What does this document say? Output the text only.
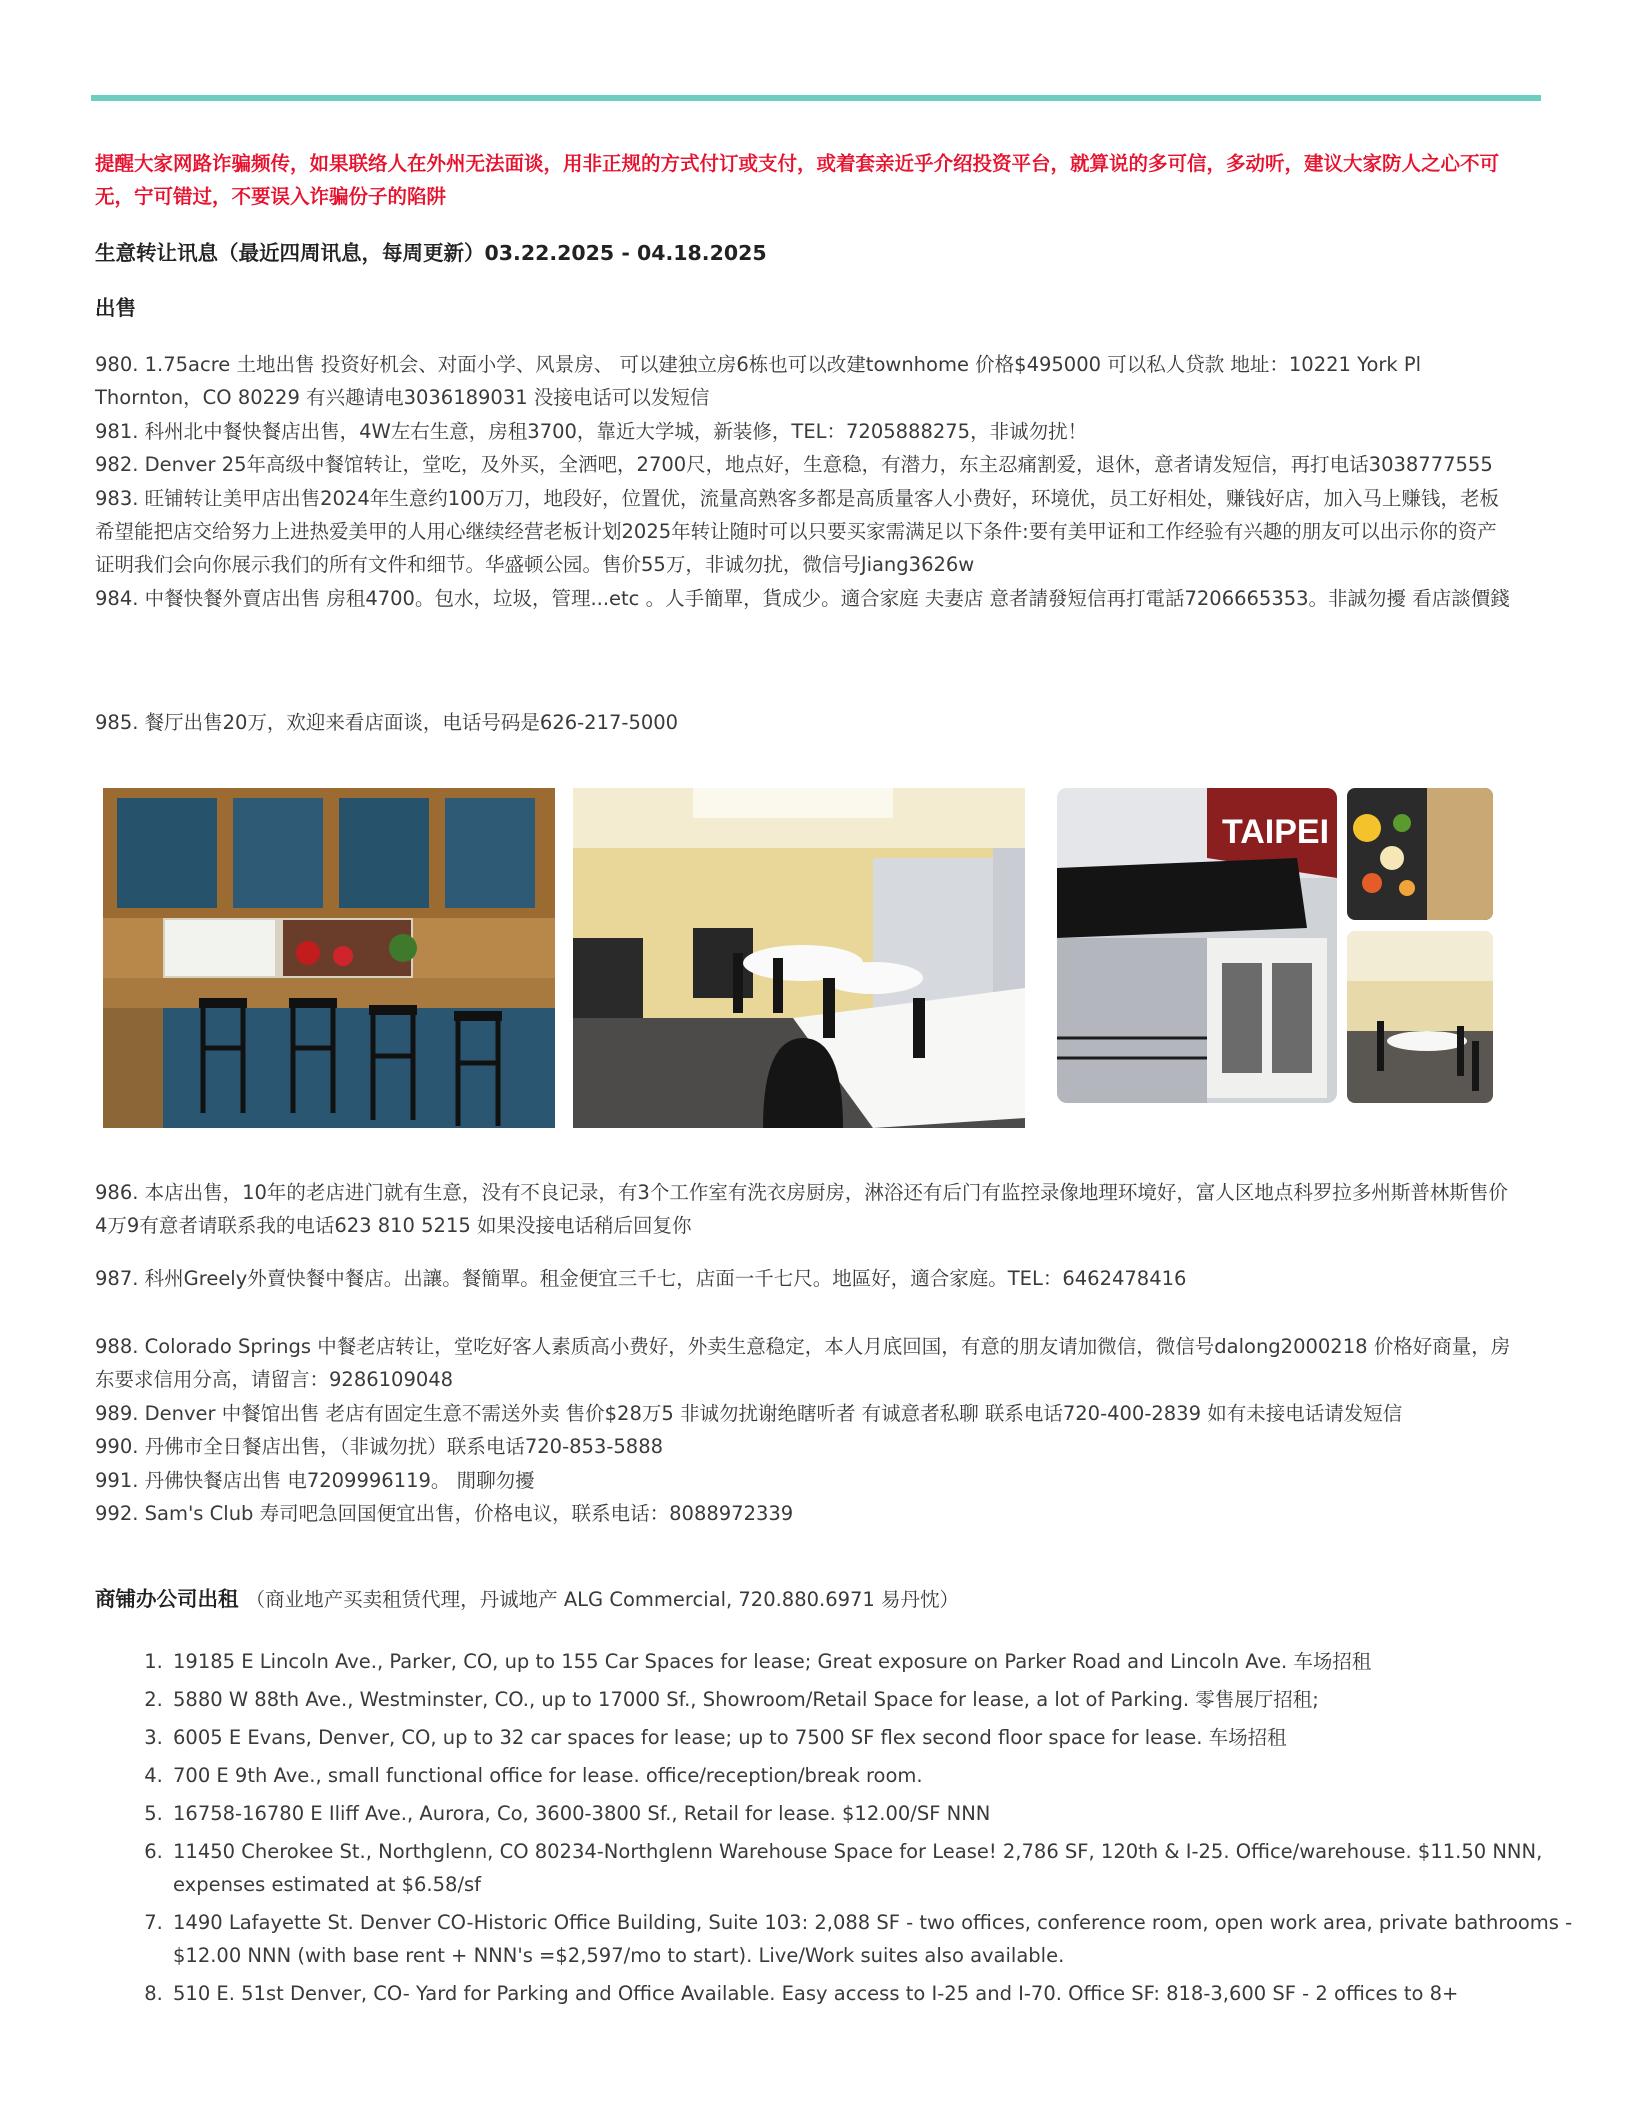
提醒大家网路诈骗频传，如果联络人在外州无法面谈，用非正规的方式付订或支付，或着套亲近乎介绍投资平台，就算说的多可信，多动听，建议大家防人之心不可无，宁可错过，不要误入诈骗份子的陷阱

生意转让讯息（最近四周讯息，每周更新）03.22.2025 - 04.18.2025

出售

980. 1.75acre 土地出售 投资好机会、对面小学、风景房、 可以建独立房6栋也可以改建townhome 价格$495000 可以私人贷款 地址：10221 York Pl Thornton，CO 80229 有兴趣请电3036189031 没接电话可以发短信

981. 科州北中餐快餐店出售，4W左右生意，房租3700，靠近大学城，新装修，TEL：7205888275，非诚勿扰！

982. Denver 25年高级中餐馆转让，堂吃，及外买，全洒吧，2700尺，地点好，生意稳，有潜力，东主忍痛割爱，退休，意者请发短信，再打电话3038777555

983. 旺铺转让美甲店出售2024年生意约100万刀，地段好，位置优，流量高熟客多都是高质量客人小费好，环境优，员工好相处，赚钱好店，加入马上赚钱，老板希望能把店交给努力上进热爱美甲的人用心继续经营老板计划2025年转让随时可以只要买家需满足以下条件:要有美甲证和工作经验有兴趣的朋友可以出示你的资产证明我们会向你展示我们的所有文件和细节。华盛顿公园。售价55万，非诚勿扰，微信号Jiang3626w

984. 中餐快餐外賣店出售 房租4700。包水，垃圾，管理...etc 。人手簡單，貨成少。適合家庭 夫妻店 意者請發短信再打電話7206665353。非誠勿擾 看店談價錢

985. 餐厅出售20万，欢迎来看店面谈，电话号码是626-217-5000

TAIPEI

986. 本店出售，10年的老店进门就有生意，没有不良记录，有3个工作室有洗衣房厨房，淋浴还有后门有监控录像地理环境好，富人区地点科罗拉多州斯普林斯售价4万9有意者请联系我的电话623 810 5215 如果没接电话稍后回复你

987. 科州Greely外賣快餐中餐店。出讓。餐簡單。租金便宜三千七，店面一千七尺。地區好，適合家庭。TEL：6462478416

988. Colorado Springs 中餐老店转让，堂吃好客人素质高小费好，外卖生意稳定，本人月底回国，有意的朋友请加微信，微信号dalong2000218 价格好商量，房东要求信用分高，请留言：9286109048

989. Denver 中餐馆出售 老店有固定生意不需送外卖 售价$28万5 非诚勿扰谢绝瞎听者 有诚意者私聊 联系电话720-400-2839 如有未接电话请发短信

990. 丹佛市全日餐店出售，（非诚勿扰）联系电话720-853-5888

991. 丹佛快餐店出售 电7209996119。 閒聊勿擾

992. Sam's Club 寿司吧急回国便宜出售，价格电议，联系电话：8088972339

商铺办公司出租 （商业地产买卖租赁代理，丹诚地产 ALG Commercial, 720.880.6971 易丹忱）

1. 19185 E Lincoln Ave., Parker, CO, up to 155 Car Spaces for lease; Great exposure on Parker Road and Lincoln Ave. 车场招租
2. 5880 W 88th Ave., Westminster, CO., up to 17000 Sf., Showroom/Retail Space for lease, a lot of Parking. 零售展厅招租;
3. 6005 E Evans, Denver, CO, up to 32 car spaces for lease; up to 7500 SF flex second floor space for lease. 车场招租
4. 700 E 9th Ave., small functional office for lease. office/reception/break room.
5. 16758-16780 E Iliff Ave., Aurora, Co, 3600-3800 Sf., Retail for lease. $12.00/SF NNN
6. 11450 Cherokee St., Northglenn, CO 80234-Northglenn Warehouse Space for Lease! 2,786 SF, 120th & I-25. Office/warehouse. $11.50 NNN, expenses estimated at $6.58/sf
7. 1490 Lafayette St. Denver CO-Historic Office Building, Suite 103: 2,088 SF - two offices, conference room, open work area, private bathrooms - $12.00 NNN (with base rent + NNN's =$2,597/mo to start). Live/Work suites also available.
8. 510 E. 51st Denver, CO- Yard for Parking and Office Available. Easy access to I-25 and I-70. Office SF: 818-3,600 SF - 2 offices to 8+
